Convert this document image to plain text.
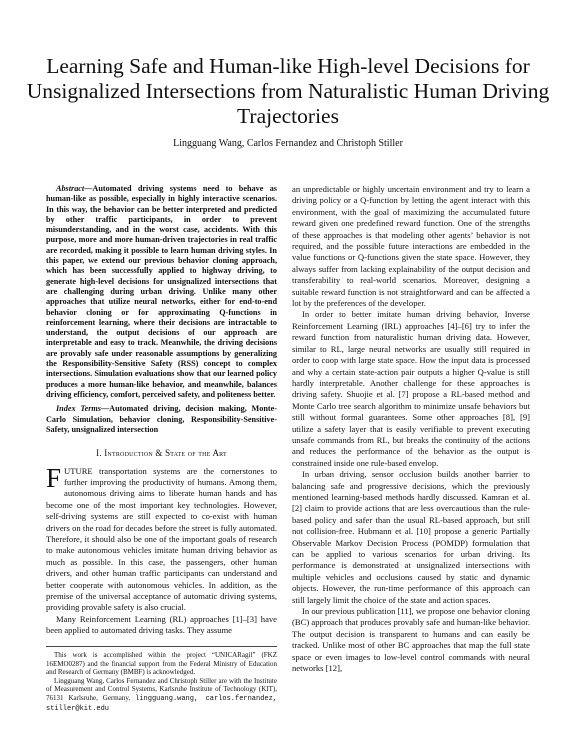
Learning Safe and Human-like High-level Decisions for Unsignalized Intersections from Naturalistic Human Driving Trajectories
Lingguang Wang, Carlos Fernandez and Christoph Stiller

Abstract—Automated driving systems need to behave as human-like as possible, especially in highly interactive scenarios. In this way, the behavior can be better interpreted and predicted by other traffic participants, in order to prevent misunderstanding, and in the worst case, accidents. With this purpose, more and more human-driven trajectories in real traffic are recorded, making it possible to learn human driving styles. In this paper, we extend our previous behavior cloning approach, which has been successfully applied to highway driving, to generate high-level decisions for unsignalized intersections that are challenging during urban driving. Unlike many other approaches that utilize neural networks, either for end-to-end behavior cloning or for approximating Q-functions in reinforcement learning, where their decisions are intractable to understand, the output decisions of our approach are interpretable and easy to track. Meanwhile, the driving decisions are provably safe under reasonable assumptions by generalizing the Responsibility-Sensitive Safety (RSS) concept to complex intersections. Simulation evaluations show that our learned policy produces a more human-like behavior, and meanwhile, balances driving efficiency, comfort, perceived safety, and politeness better.

Index Terms—Automated driving, decision making, Monte-Carlo Simulation, behavior cloning, Responsibility-Sensitive-Safety, unsignalized intersection

I. Introduction & State of the Art

FUTURE transportation systems are the cornerstones to further improving the productivity of humans. Among them, autonomous driving aims to liberate human hands and has become one of the most important key technologies. However, self-driving systems are still expected to co-exist with human drivers on the road for decades before the street is fully automated. Therefore, it should also be one of the important goals of research to make autonomous vehicles imitate human driving behavior as much as possible. In this case, the passengers, other human drivers, and other human traffic participants can understand and better cooperate with autonomous vehicles. In addition, as the premise of the universal acceptance of automatic driving systems, providing provable safety is also crucial.

Many Reinforcement Learning (RL) approaches [1]–[3] have been applied to automated driving tasks. They assume

This work is accomplished within the project “UNICARagil” (FKZ 16EMO0287) and the financial support from the Federal Ministry of Education and Research of Germany (BMBF) is acknowledged.

Lingguang Wang, Carlos Fernandez and Christoph Stiller are with the Institute of Measurement and Control Systems, Karlsruhe Institute of Technology (KIT), 76131 Karlsruhe, Germany, lingguang.wang, carlos.fernandez, stiller@kit.edu

an unpredictable or highly uncertain environment and try to learn a driving policy or a Q-function by letting the agent interact with this environment, with the goal of maximizing the accumulated future reward given one predefined reward function. One of the strengths of these approaches is that modeling other agents’ behavior is not required, and the possible future interactions are embedded in the value functions or Q-functions given the state space. However, they always suffer from lacking explainability of the output decision and transferability to real-world scenarios. Moreover, designing a suitable reward function is not straightforward and can be affected a lot by the preferences of the developer.

In order to better imitate human driving behavior, Inverse Reinforcement Learning (IRL) approaches [4]–[6] try to infer the reward function from naturalistic human driving data. However, similar to RL, large neural networks are usually still required in order to coop with large state space. How the input data is processed and why a certain state-action pair outputs a higher Q-value is still hardly interpretable. Another challenge for these approaches is driving safety. Shuojie et al. [7] propose a RL-based method and Monte Carlo tree search algorithm to minimize unsafe behaviors but still without formal guarantees. Some other approaches [8], [9] utilize a safety layer that is easily verifiable to prevent executing unsafe commands from RL, but breaks the continuity of the actions and reduces the performance of the behavior as the output is constrained inside one rule-based envelop.

In urban driving, sensor occlusion builds another barrier to balancing safe and progressive decisions, which the previously mentioned learning-based methods hardly discussed. Kamran et al. [2] claim to provide actions that are less overcautious than the rule-based policy and safer than the usual RL-based approach, but still not collision-free. Hubmann et al. [10] propose a generic Partially Observable Markov Decision Process (POMDP) formulation that can be applied to various scenarios for urban driving. Its performance is demonstrated at unsignalized intersections with multiple vehicles and occlusions caused by static and dynamic objects. However, the run-time performance of this approach can still largely limit the choice of the state and action spaces.

In our previous publication [11], we propose one behavior cloning (BC) approach that produces provably safe and human-like behavior. The output decision is transparent to humans and can easily be tracked. Unlike most of other BC approaches that map the full state space or even images to low-level control commands with neural networks [12],
